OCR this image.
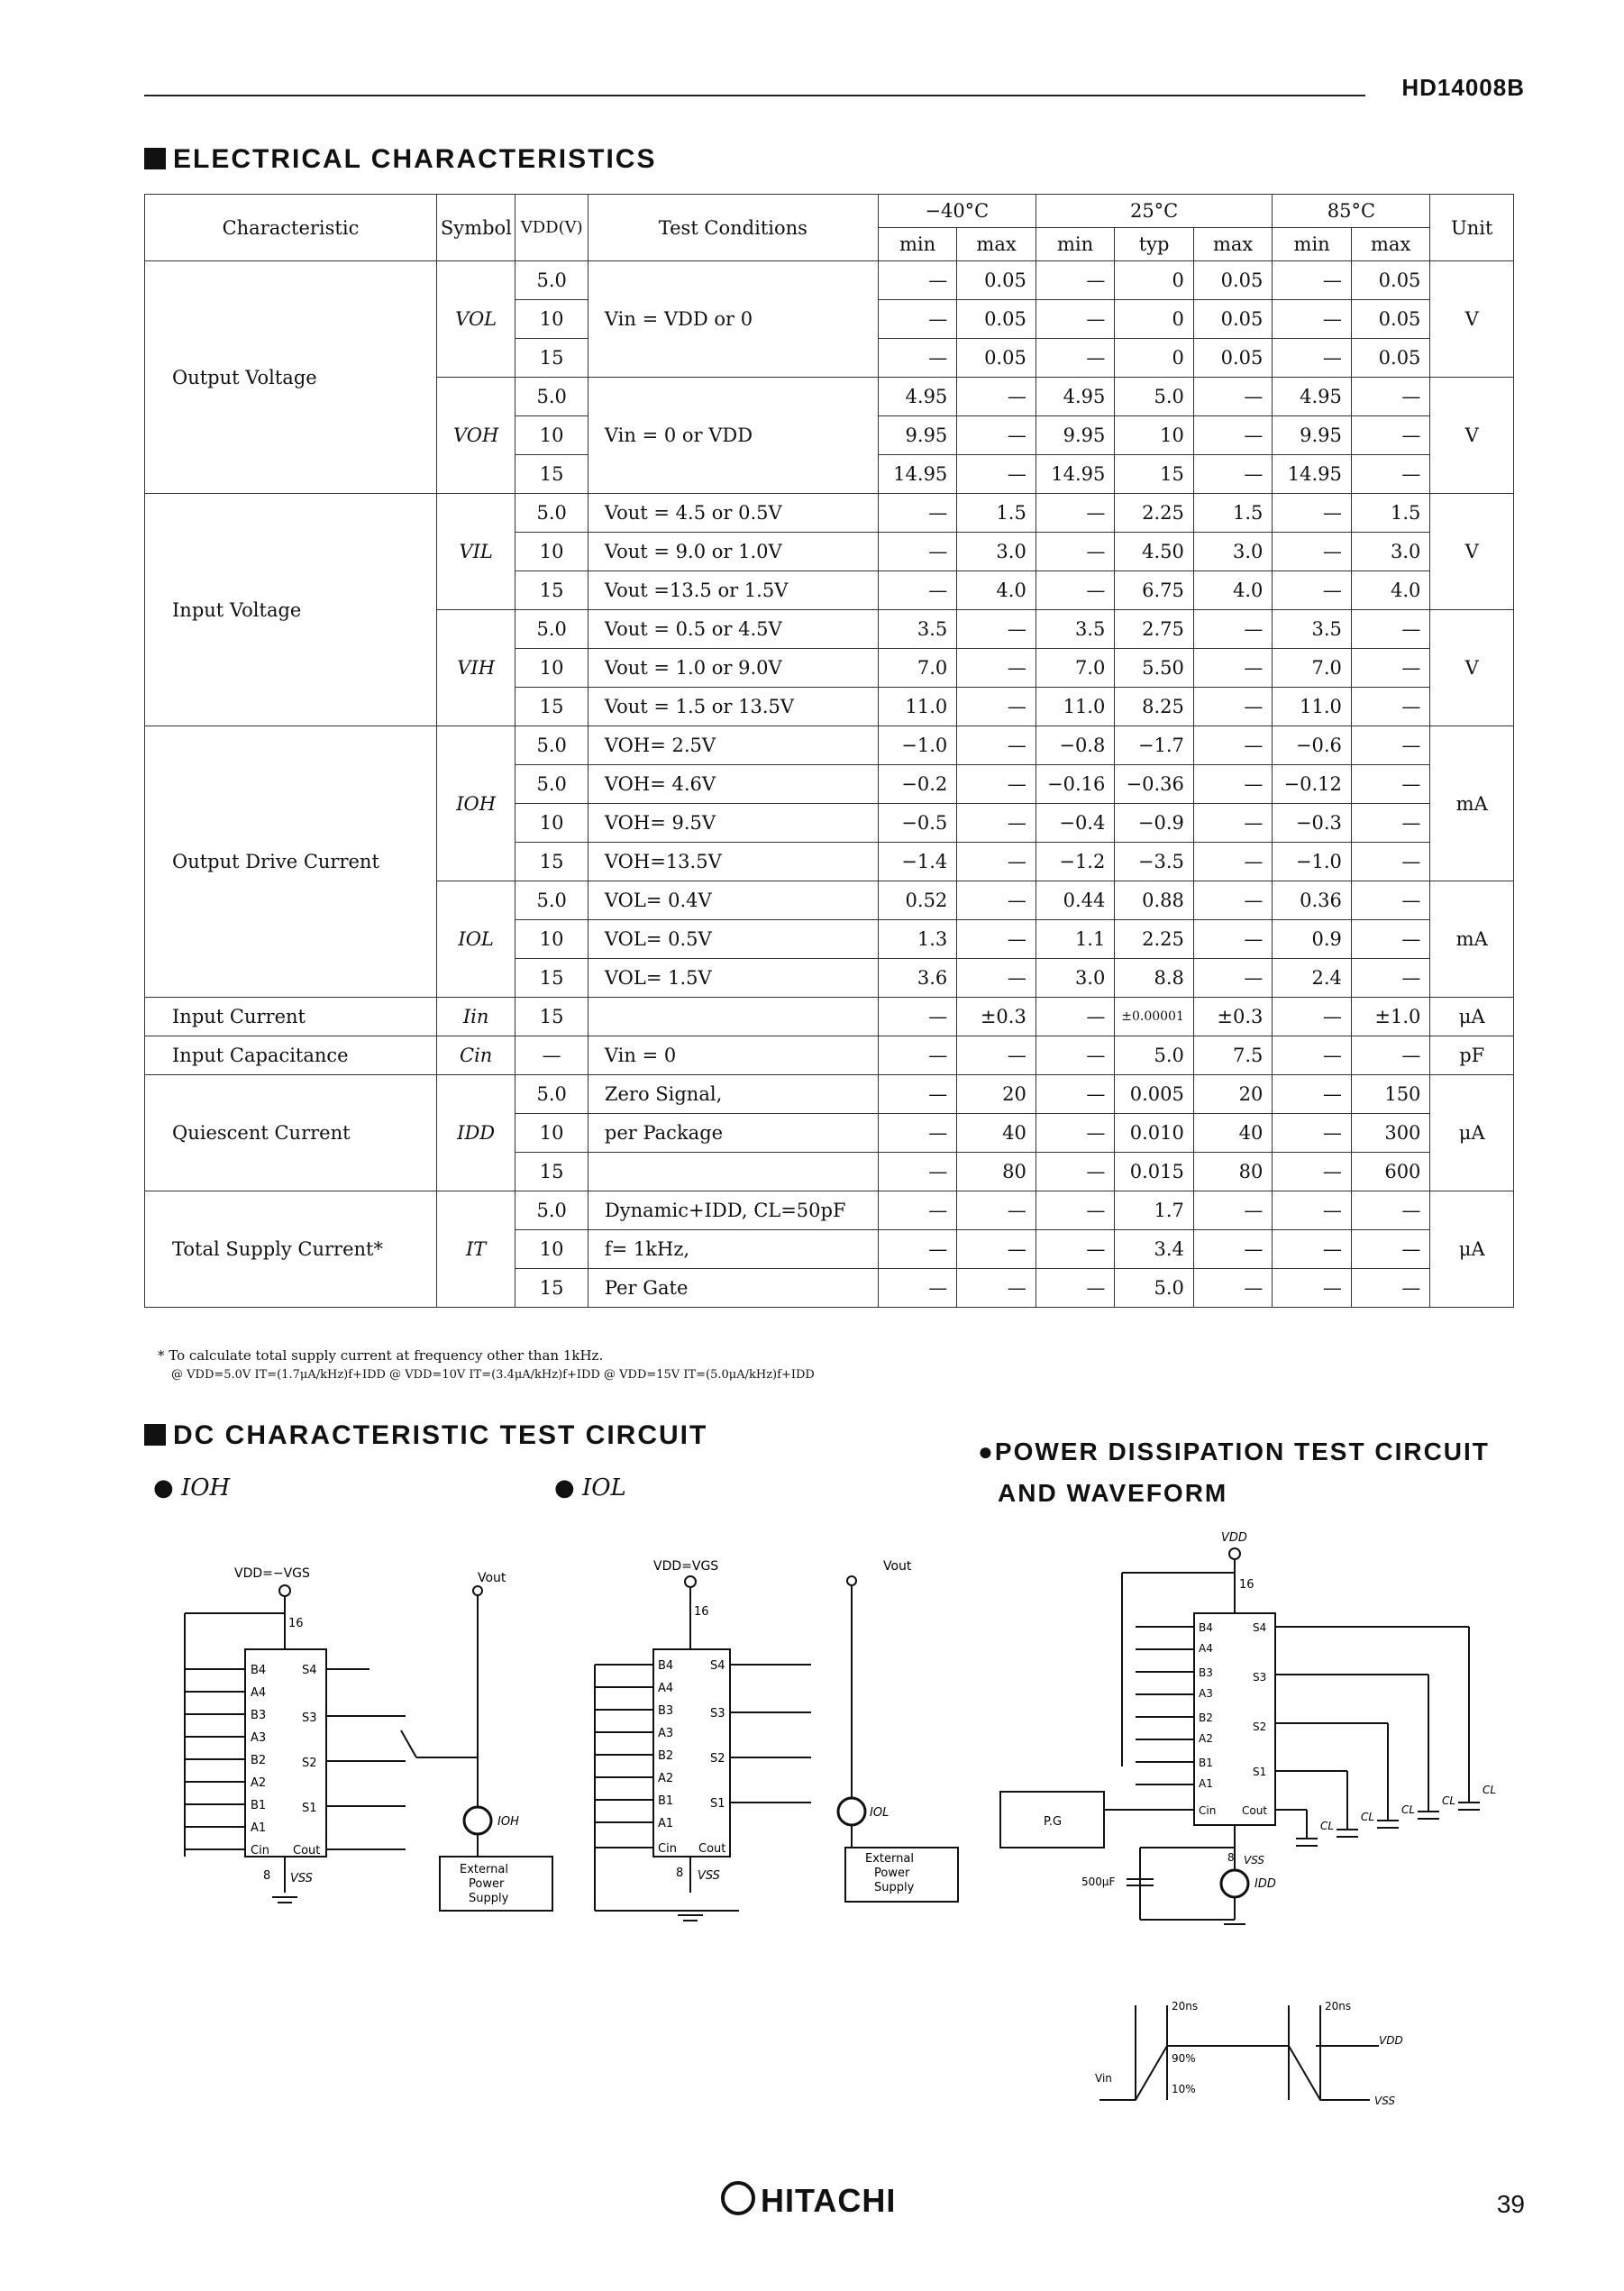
HD14008B
ELECTRICAL CHARACTERISTICS
Characteristic	Symbol	VDD(V)	Test Conditions	−40°C		25°C			85°C		Unit
				min	max	min	typ	max	min	max	
Output Voltage	VOL	5.0	Vin = VDD or 0	—	0.05	—	0	0.05	—	0.05	V
		10		—	0.05	—	0	0.05	—	0.05	
		15		—	0.05	—	0	0.05	—	0.05	
	VOH	5.0	Vin = 0 or VDD	4.95	—	4.95	5.0	—	4.95	—	V
		10		9.95	—	9.95	10	—	9.95	—	
		15		14.95	—	14.95	15	—	14.95	—	
Input Voltage	VIL	5.0	Vout = 4.5 or 0.5V	—	1.5	—	2.25	1.5	—	1.5	V
		10	Vout = 9.0 or 1.0V	—	3.0	—	4.50	3.0	—	3.0	
		15	Vout =13.5 or 1.5V	—	4.0	—	6.75	4.0	—	4.0	
	VIH	5.0	Vout = 0.5 or 4.5V	3.5	—	3.5	2.75	—	3.5	—	V
		10	Vout = 1.0 or 9.0V	7.0	—	7.0	5.50	—	7.0	—	
		15	Vout = 1.5 or 13.5V	11.0	—	11.0	8.25	—	11.0	—	
Output Drive Current	IOH	5.0	VOH= 2.5V	−1.0	—	−0.8	−1.7	—	−0.6	—	mA
		5.0	VOH= 4.6V	−0.2	—	−0.16	−0.36	—	−0.12	—	
		10	VOH= 9.5V	−0.5	—	−0.4	−0.9	—	−0.3	—	
		15	VOH=13.5V	−1.4	—	−1.2	−3.5	—	−1.0	—	
	IOL	5.0	VOL= 0.4V	0.52	—	0.44	0.88	—	0.36	—	mA
		10	VOL= 0.5V	1.3	—	1.1	2.25	—	0.9	—	
		15	VOL= 1.5V	3.6	—	3.0	8.8	—	2.4	—	
Input Current	Iin	15		—	±0.3	—	±0.00001	±0.3	—	±1.0	μA
Input Capacitance	Cin	—	Vin = 0	—	—	—	5.0	7.5	—	—	pF
Quiescent Current	IDD	5.0	Zero Signal,	—	20	—	0.005	20	—	150	μA
		10	per Package	—	40	—	0.010	40	—	300	
		15		—	80	—	0.015	80	—	600	
Total Supply Current*	IT	5.0	Dynamic+IDD, CL=50pF	—	—	—	1.7	—	—	—	μA
		10	f= 1kHz,	—	—	—	3.4	—	—	—	
		15	Per Gate	—	—	—	5.0	—	—	—	
* To calculate total supply current at frequency other than 1kHz.
@ VDD=5.0V IT=(1.7μA/kHz)f+IDD @ VDD=10V IT=(3.4μA/kHz)f+IDD @ VDD=15V IT=(5.0μA/kHz)f+IDD
DC CHARACTERISTIC TEST CIRCUIT
● IOH	● IOL
●POWER DISSIPATION TEST CIRCUIT
AND WAVEFORM
VDD=−VGS	Vout
16
B4
A4
B3
A3
B2
A2
B1
A1
Cin
S4
S3
S2
S1
Cout
IOH
External
Power
Supply
8 VSS
VDD=VGS	Vout
16
B4
A4
B3
A3
B2
A2
B1
A1
Cin
S4
S3
S2
S1
Cout
IOL
External
Power
Supply
8 VSS
VDD
16
B4
A4
B3
A3
B2
A2
B1
A1
Cin
S4
S3
S2
S1
Cout
P.G
500μF	IDD
8 VSS
CL
CL
CL
CL
CL
20ns	20ns
Vin
90%
10%
VDD
VSS
HITACHI	39
